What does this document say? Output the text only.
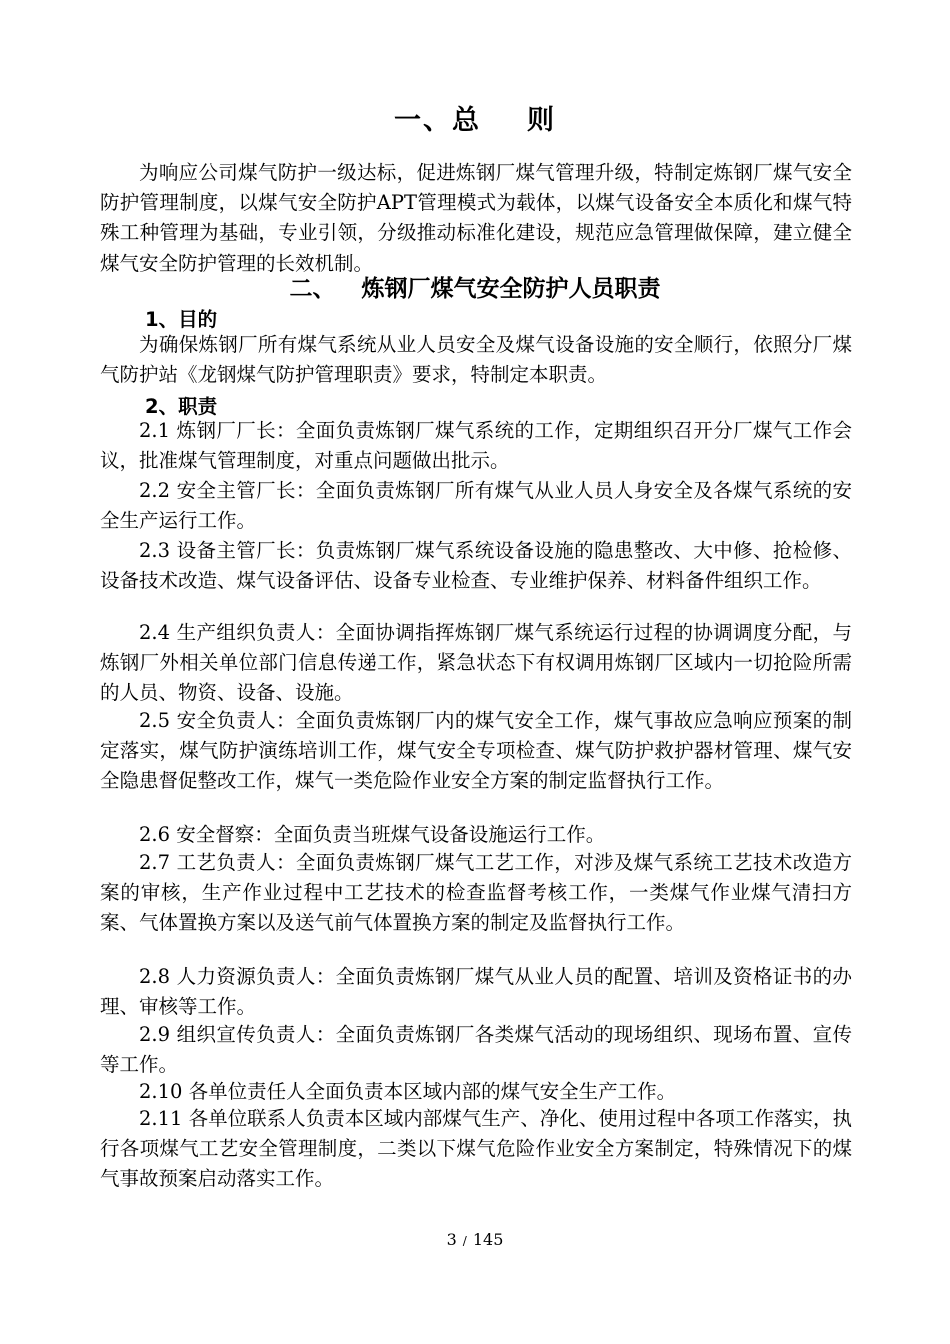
一、总 则
为响应公司煤气防护一级达标，促进炼钢厂煤气管理升级，特制定炼钢厂煤气安全防护管理制度，以煤气安全防护APT管理模式为载体，以煤气设备安全本质化和煤气特殊工种管理为基础，专业引领，分级推动标准化建设，规范应急管理做保障，建立健全煤气安全防护管理的长效机制。
二、 炼钢厂煤气安全防护人员职责
1、目的
为确保炼钢厂所有煤气系统从业人员安全及煤气设备设施的安全顺行，依照分厂煤气防护站《龙钢煤气防护管理职责》要求，特制定本职责。
2、职责
2.1 炼钢厂厂长：全面负责炼钢厂煤气系统的工作，定期组织召开分厂煤气工作会议，批准煤气管理制度，对重点问题做出批示。
2.2 安全主管厂长：全面负责炼钢厂所有煤气从业人员人身安全及各煤气系统的安全生产运行工作。
2.3 设备主管厂长：负责炼钢厂煤气系统设备设施的隐患整改、大中修、抢检修、设备技术改造、煤气设备评估、设备专业检查、专业维护保养、材料备件组织工作。
2.4 生产组织负责人：全面协调指挥炼钢厂煤气系统运行过程的协调调度分配，与炼钢厂外相关单位部门信息传递工作，紧急状态下有权调用炼钢厂区域内一切抢险所需的人员、物资、设备、设施。
2.5 安全负责人：全面负责炼钢厂内的煤气安全工作，煤气事故应急响应预案的制定落实，煤气防护演练培训工作，煤气安全专项检查、煤气防护救护器材管理、煤气安全隐患督促整改工作，煤气一类危险作业安全方案的制定监督执行工作。
2.6 安全督察：全面负责当班煤气设备设施运行工作。
2.7 工艺负责人：全面负责炼钢厂煤气工艺工作，对涉及煤气系统工艺技术改造方案的审核，生产作业过程中工艺技术的检查监督考核工作，一类煤气作业煤气清扫方案、气体置换方案以及送气前气体置换方案的制定及监督执行工作。
2.8 人力资源负责人：全面负责炼钢厂煤气从业人员的配置、培训及资格证书的办理、审核等工作。
2.9 组织宣传负责人：全面负责炼钢厂各类煤气活动的现场组织、现场布置、宣传等工作。
2.10 各单位责任人全面负责本区域内部的煤气安全生产工作。
2.11 各单位联系人负责本区域内部煤气生产、净化、使用过程中各项工作落实，执行各项煤气工艺安全管理制度，二类以下煤气危险作业安全方案制定，特殊情况下的煤气事故预案启动落实工作。
3 / 145
